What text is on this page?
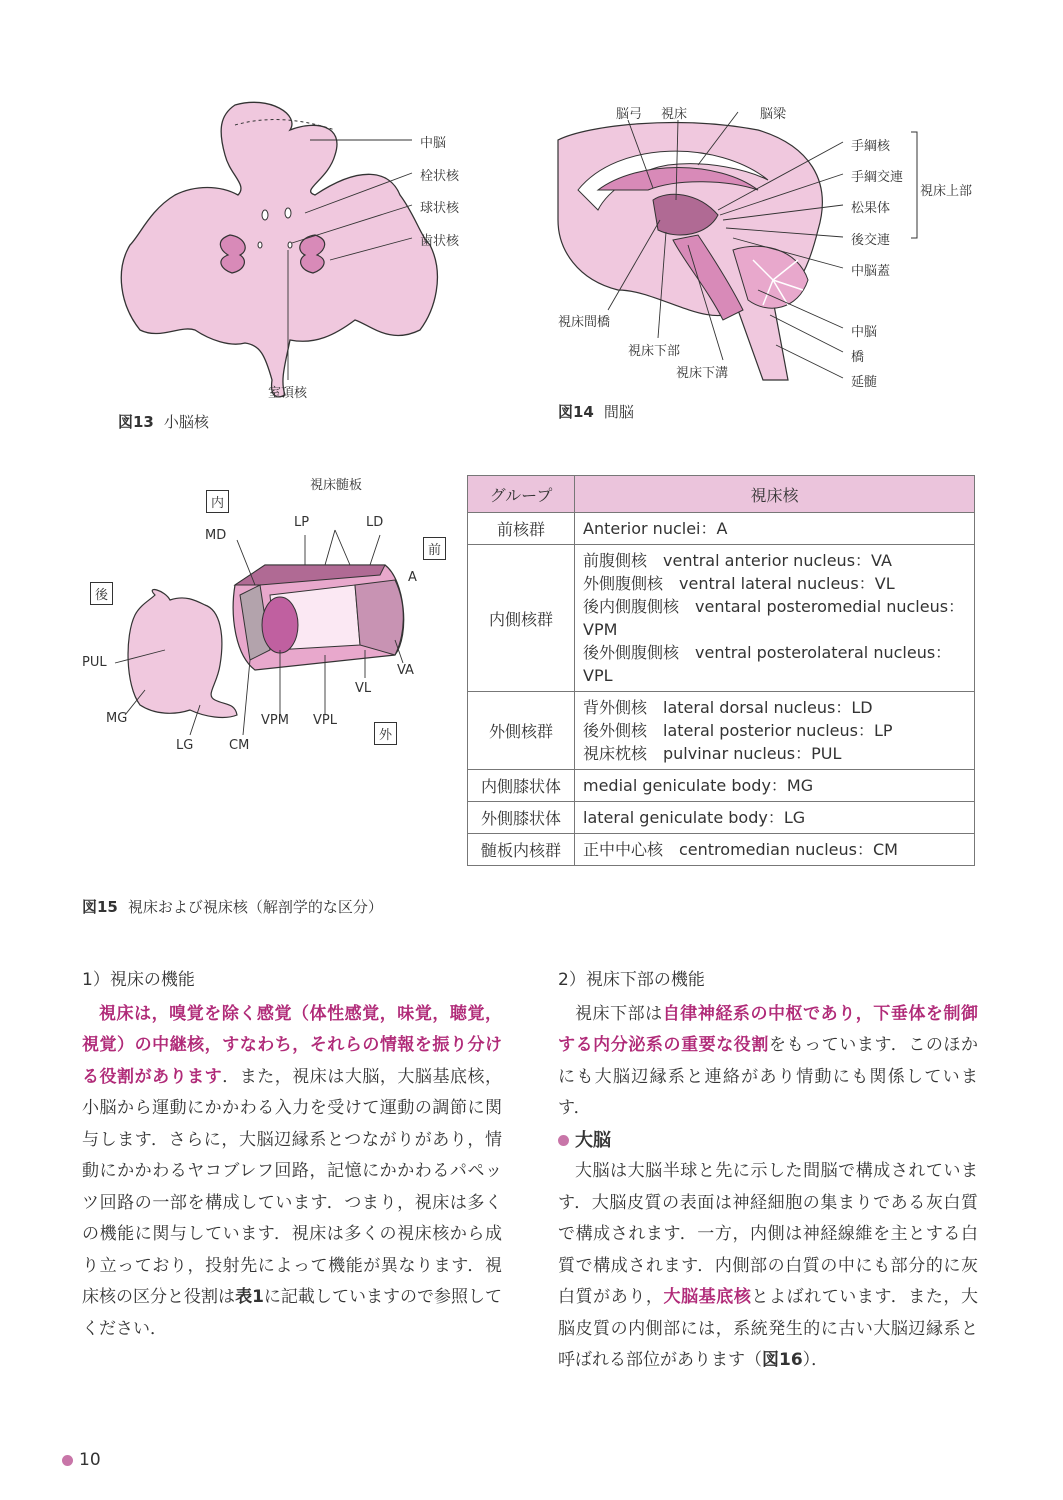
中脳
栓状核
球状核
歯状核
室頂核
図13 小脳核
脳弓 視床	脳梁
手綱核
手綱交連
松果体
後交連
視床上部
中脳蓋
視床間橋
中脳
視床下部	橋
視床下溝
延髄
図14 間脳
視床髄板
内
MD
LP	LD
前
A
後
PUL
VA
VL
MG	VPM VPL
外
LG	CM
図15 視床および視床核（解剖学的な区分）
グループ	視床核
前核群	Anterior nuclei：A

内側核群	前腹側核　ventral anterior nucleus：VA
外側腹側核　ventral lateral nucleus：VL
後内側腹側核　ventaral posteromedial nucleus：VPM
後外側腹側核　ventral posterolateral nucleus：VPL

外側核群	背外側核　lateral dorsal nucleus：LD
後外側核　lateral posterior nucleus：LP
視床枕核　pulvinar nucleus：PUL

内側膝状体	medial geniculate body：MG

外側膝状体	lateral geniculate body：LG

髄板内核群	正中中心核　centromedian nucleus：CM
1）視床の機能
視床は，嗅覚を除く感覚（体性感覚，味覚，聴覚，視覚）の中継核，すなわち，それらの情報を振り分ける役割があります．また，視床は大脳，大脳基底核，小脳から運動にかかわる入力を受けて運動の調節に関与します．さらに，大脳辺縁系とつながりがあり，情動にかかわるヤコブレフ回路，記憶にかかわるパペッツ回路の一部を構成しています．つまり，視床は多くの機能に関与しています．視床は多くの視床核から成り立っており，投射先によって機能が異なります．視床核の区分と役割は表1に記載していますので参照してください．
2）視床下部の機能
視床下部は自律神経系の中枢であり，下垂体を制御する内分泌系の重要な役割をもっています．このほかにも大脳辺縁系と連絡があり情動にも関係しています．
大脳
大脳は大脳半球と先に示した間脳で構成されています．大脳皮質の表面は神経細胞の集まりである灰白質で構成されます．一方，内側は神経線維を主とする白質で構成されます．内側部の白質の中にも部分的に灰白質があり，大脳基底核とよばれています．また，大脳皮質の内側部には，系統発生的に古い大脳辺縁系と呼ばれる部位があります（図16）．
10
